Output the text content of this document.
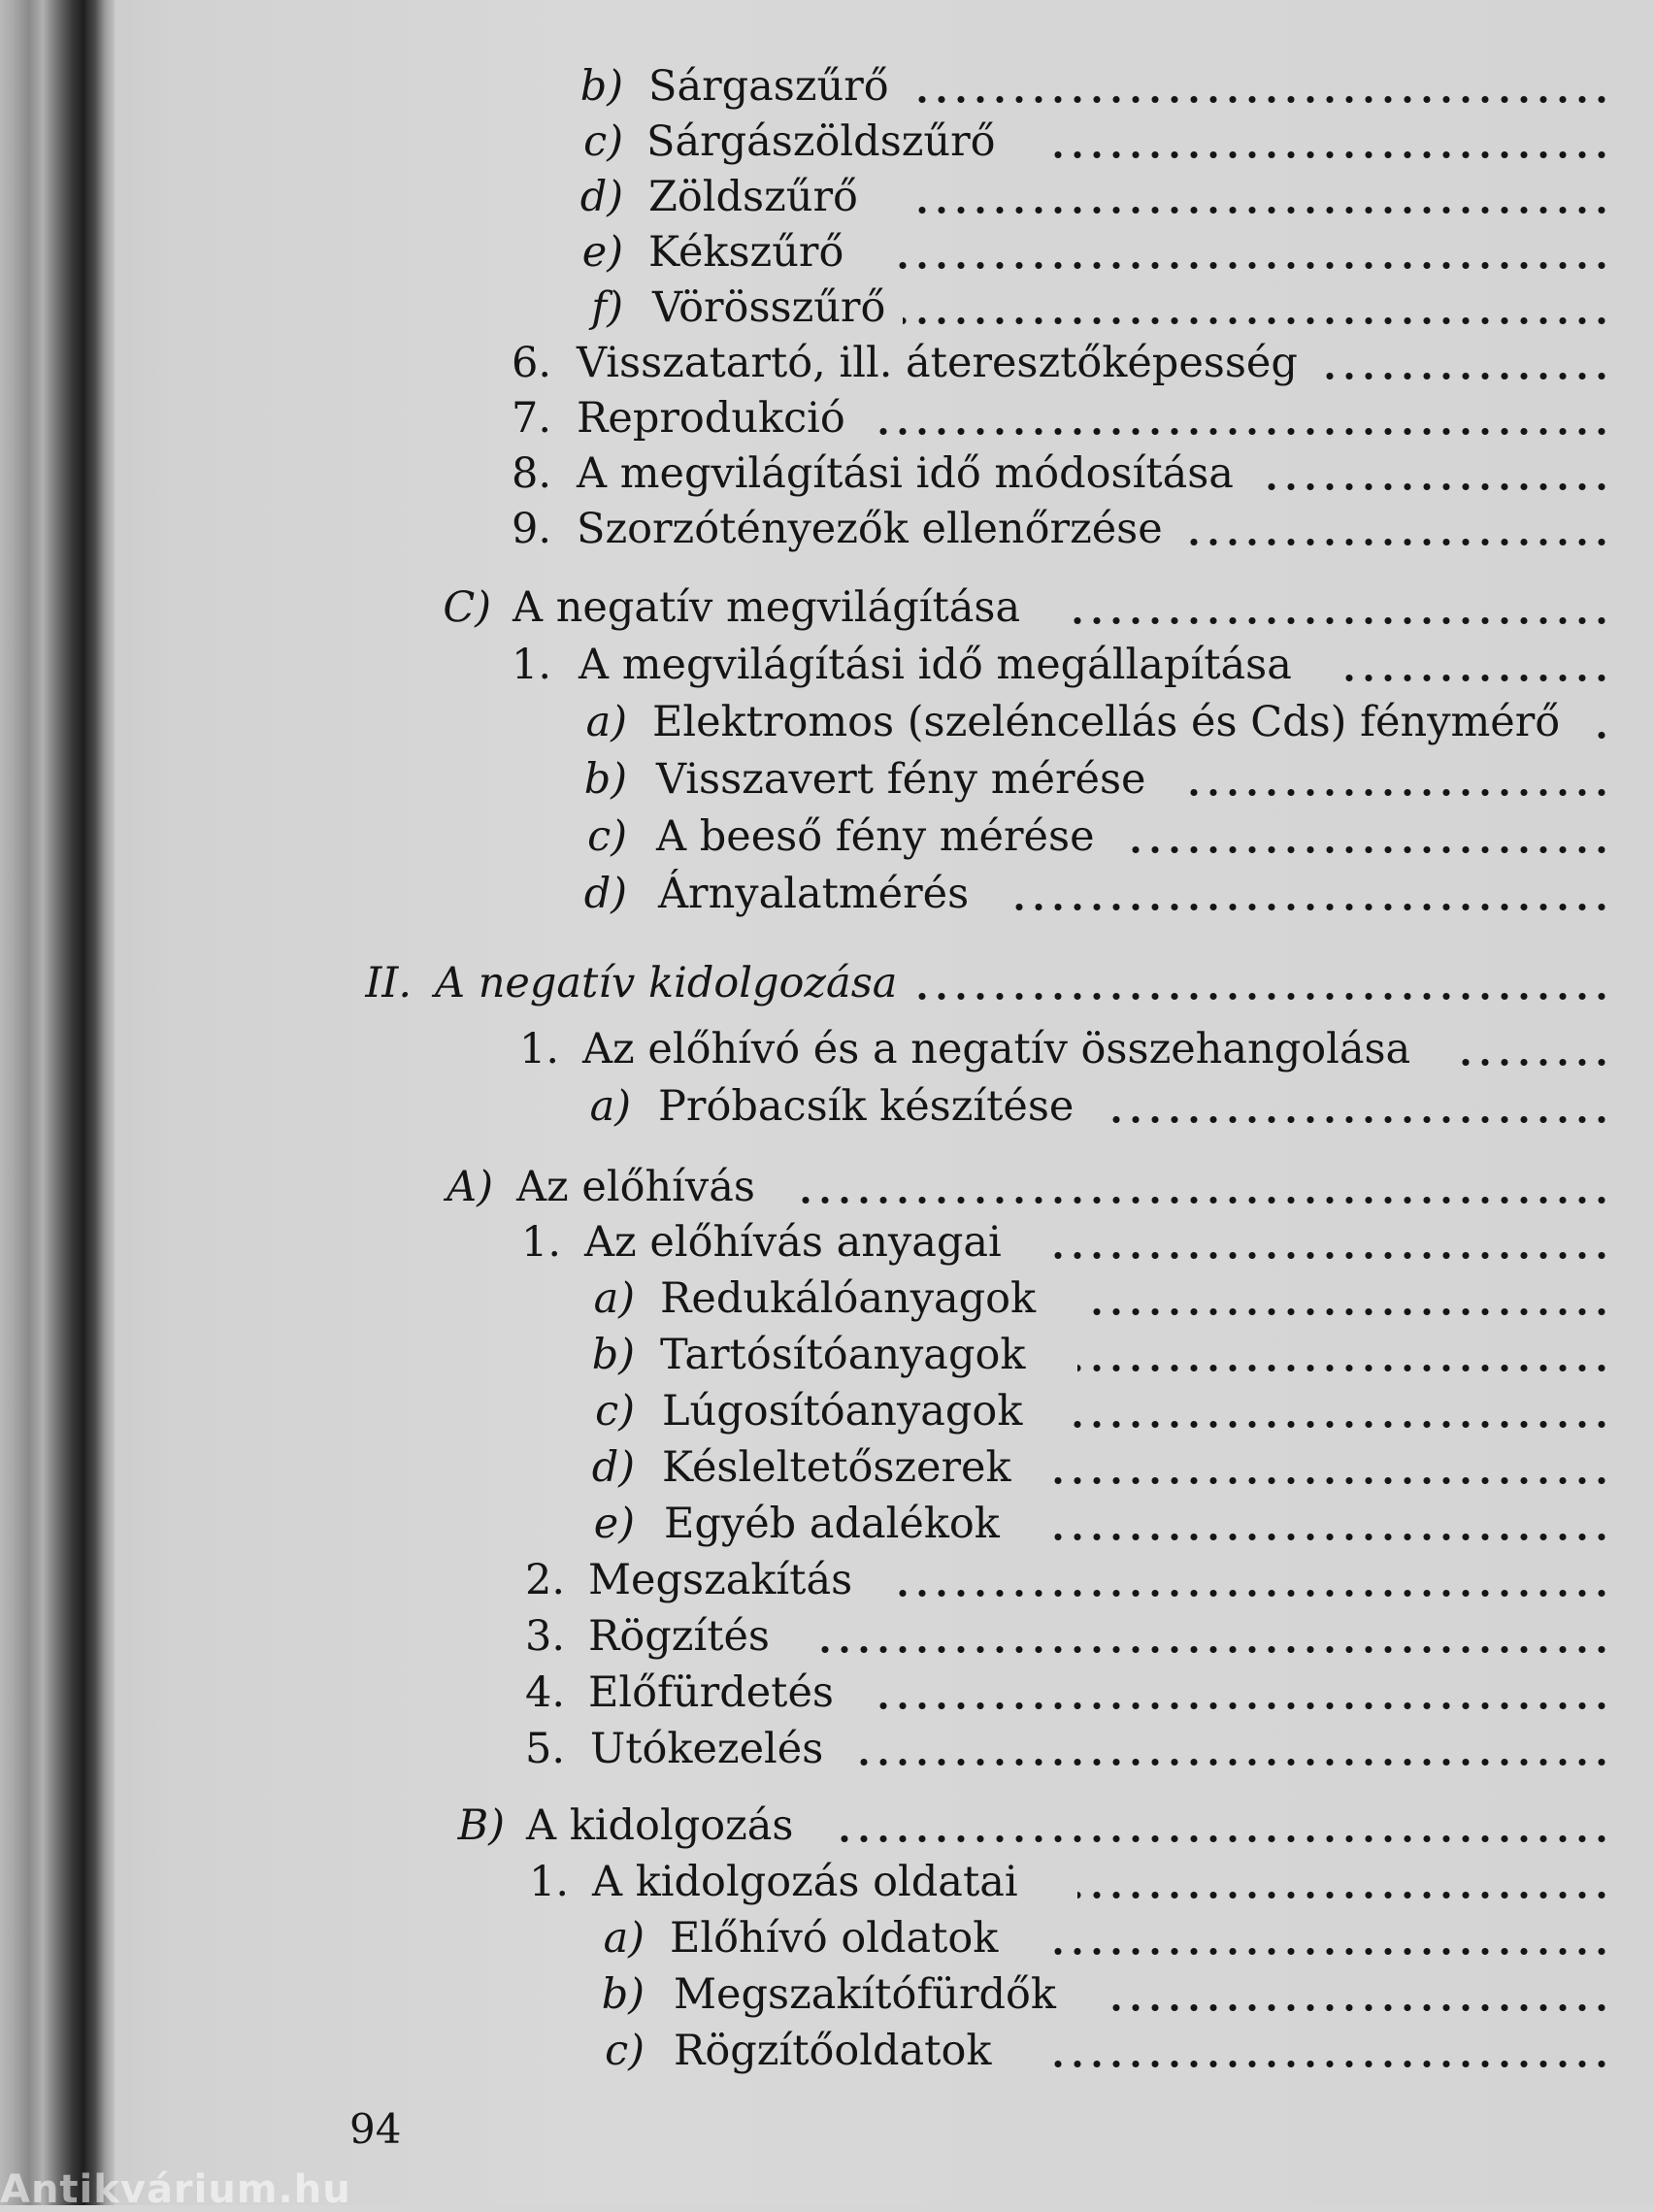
b) Sárgaszűrő
c) Sárgászöldszűrő
d) Zöldszűrő
e) Kékszűrő
f) Vörösszűrő
6. Visszatartó, ill. áteresztőképesség
7. Reprodukció
8. A megvilágítási idő módosítása
9. Szorzótényezők ellenőrzése
C) A negatív megvilágítása
1. A megvilágítási idő megállapítása
a) Elektromos (szeléncellás és Cds) fénymérő
b) Visszavert fény mérése
c) A beeső fény mérése
d) Árnyalatmérés
II. A negatív kidolgozása
1. Az előhívó és a negatív összehangolása
a) Próbacsík készítése
A) Az előhívás
1. Az előhívás anyagai
a) Redukálóanyagok
b) Tartósítóanyagok
c) Lúgosítóanyagok
d) Késleltetőszerek
e) Egyéb adalékok
2. Megszakítás
3. Rögzítés
4. Előfürdetés
5. Utókezelés
B) A kidolgozás
1. A kidolgozás oldatai
a) Előhívó oldatok
b) Megszakítófürdők
c) Rögzítőoldatok
94
Antikvárium.hu
